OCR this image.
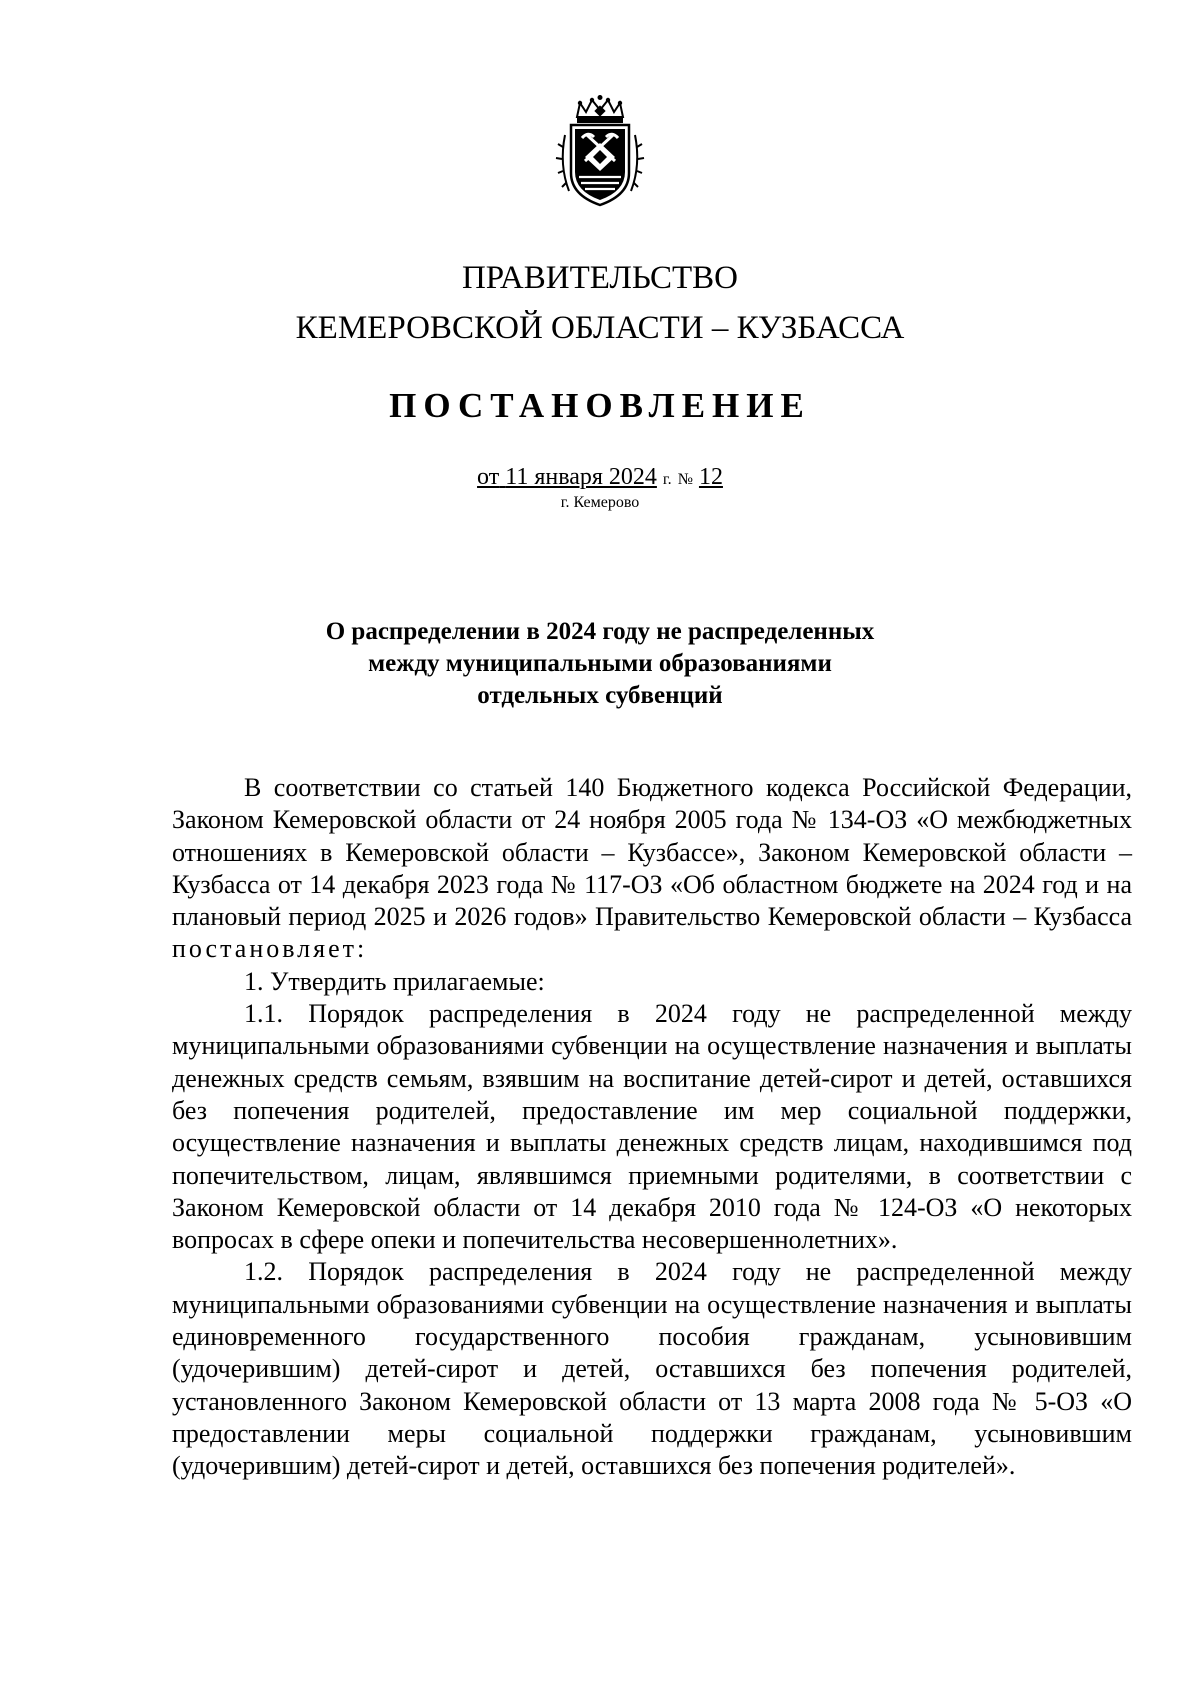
ПРАВИТЕЛЬСТВО
КЕМЕРОВСКОЙ ОБЛАСТИ – КУЗБАССА
ПОСТАНОВЛЕНИЕ
от 11 января 2024 г. № 12
г. Кемерово
О распределении в 2024 году не распределенных
между муниципальными образованиями
отдельных субвенций

В соответствии со статьей 140 Бюджетного кодекса Российской Федерации, Законом Кемеровской области от 24 ноября 2005 года № 134-ОЗ «О межбюджетных отношениях в Кемеровской области – Кузбассе», Законом Кемеровской области – Кузбасса от 14 декабря 2023 года № 117-ОЗ «Об областном бюджете на 2024 год и на плановый период 2025 и 2026 годов» Правительство Кемеровской области – Кузбасса постановляет:

1. Утвердить прилагаемые:

1.1. Порядок распределения в 2024 году не распределенной между муниципальными образованиями субвенции на осуществление назначения и выплаты денежных средств семьям, взявшим на воспитание детей-сирот и детей, оставшихся без попечения родителей, предоставление им мер социальной поддержки, осуществление назначения и выплаты денежных средств лицам, находившимся под попечительством, лицам, являвшимся приемными родителями, в соответствии с Законом Кемеровской области от 14 декабря 2010 года № 124-ОЗ «О некоторых вопросах в сфере опеки и попечительства несовершеннолетних».

1.2. Порядок распределения в 2024 году не распределенной между муниципальными образованиями субвенции на осуществление назначения и выплаты единовременного государственного пособия гражданам, усыновившим (удочерившим) детей-сирот и детей, оставшихся без попечения родителей, установленного Законом Кемеровской области от 13 марта 2008 года № 5-ОЗ «О предоставлении меры социальной поддержки гражданам, усыновившим (удочерившим) детей-сирот и детей, оставшихся без попечения родителей».
